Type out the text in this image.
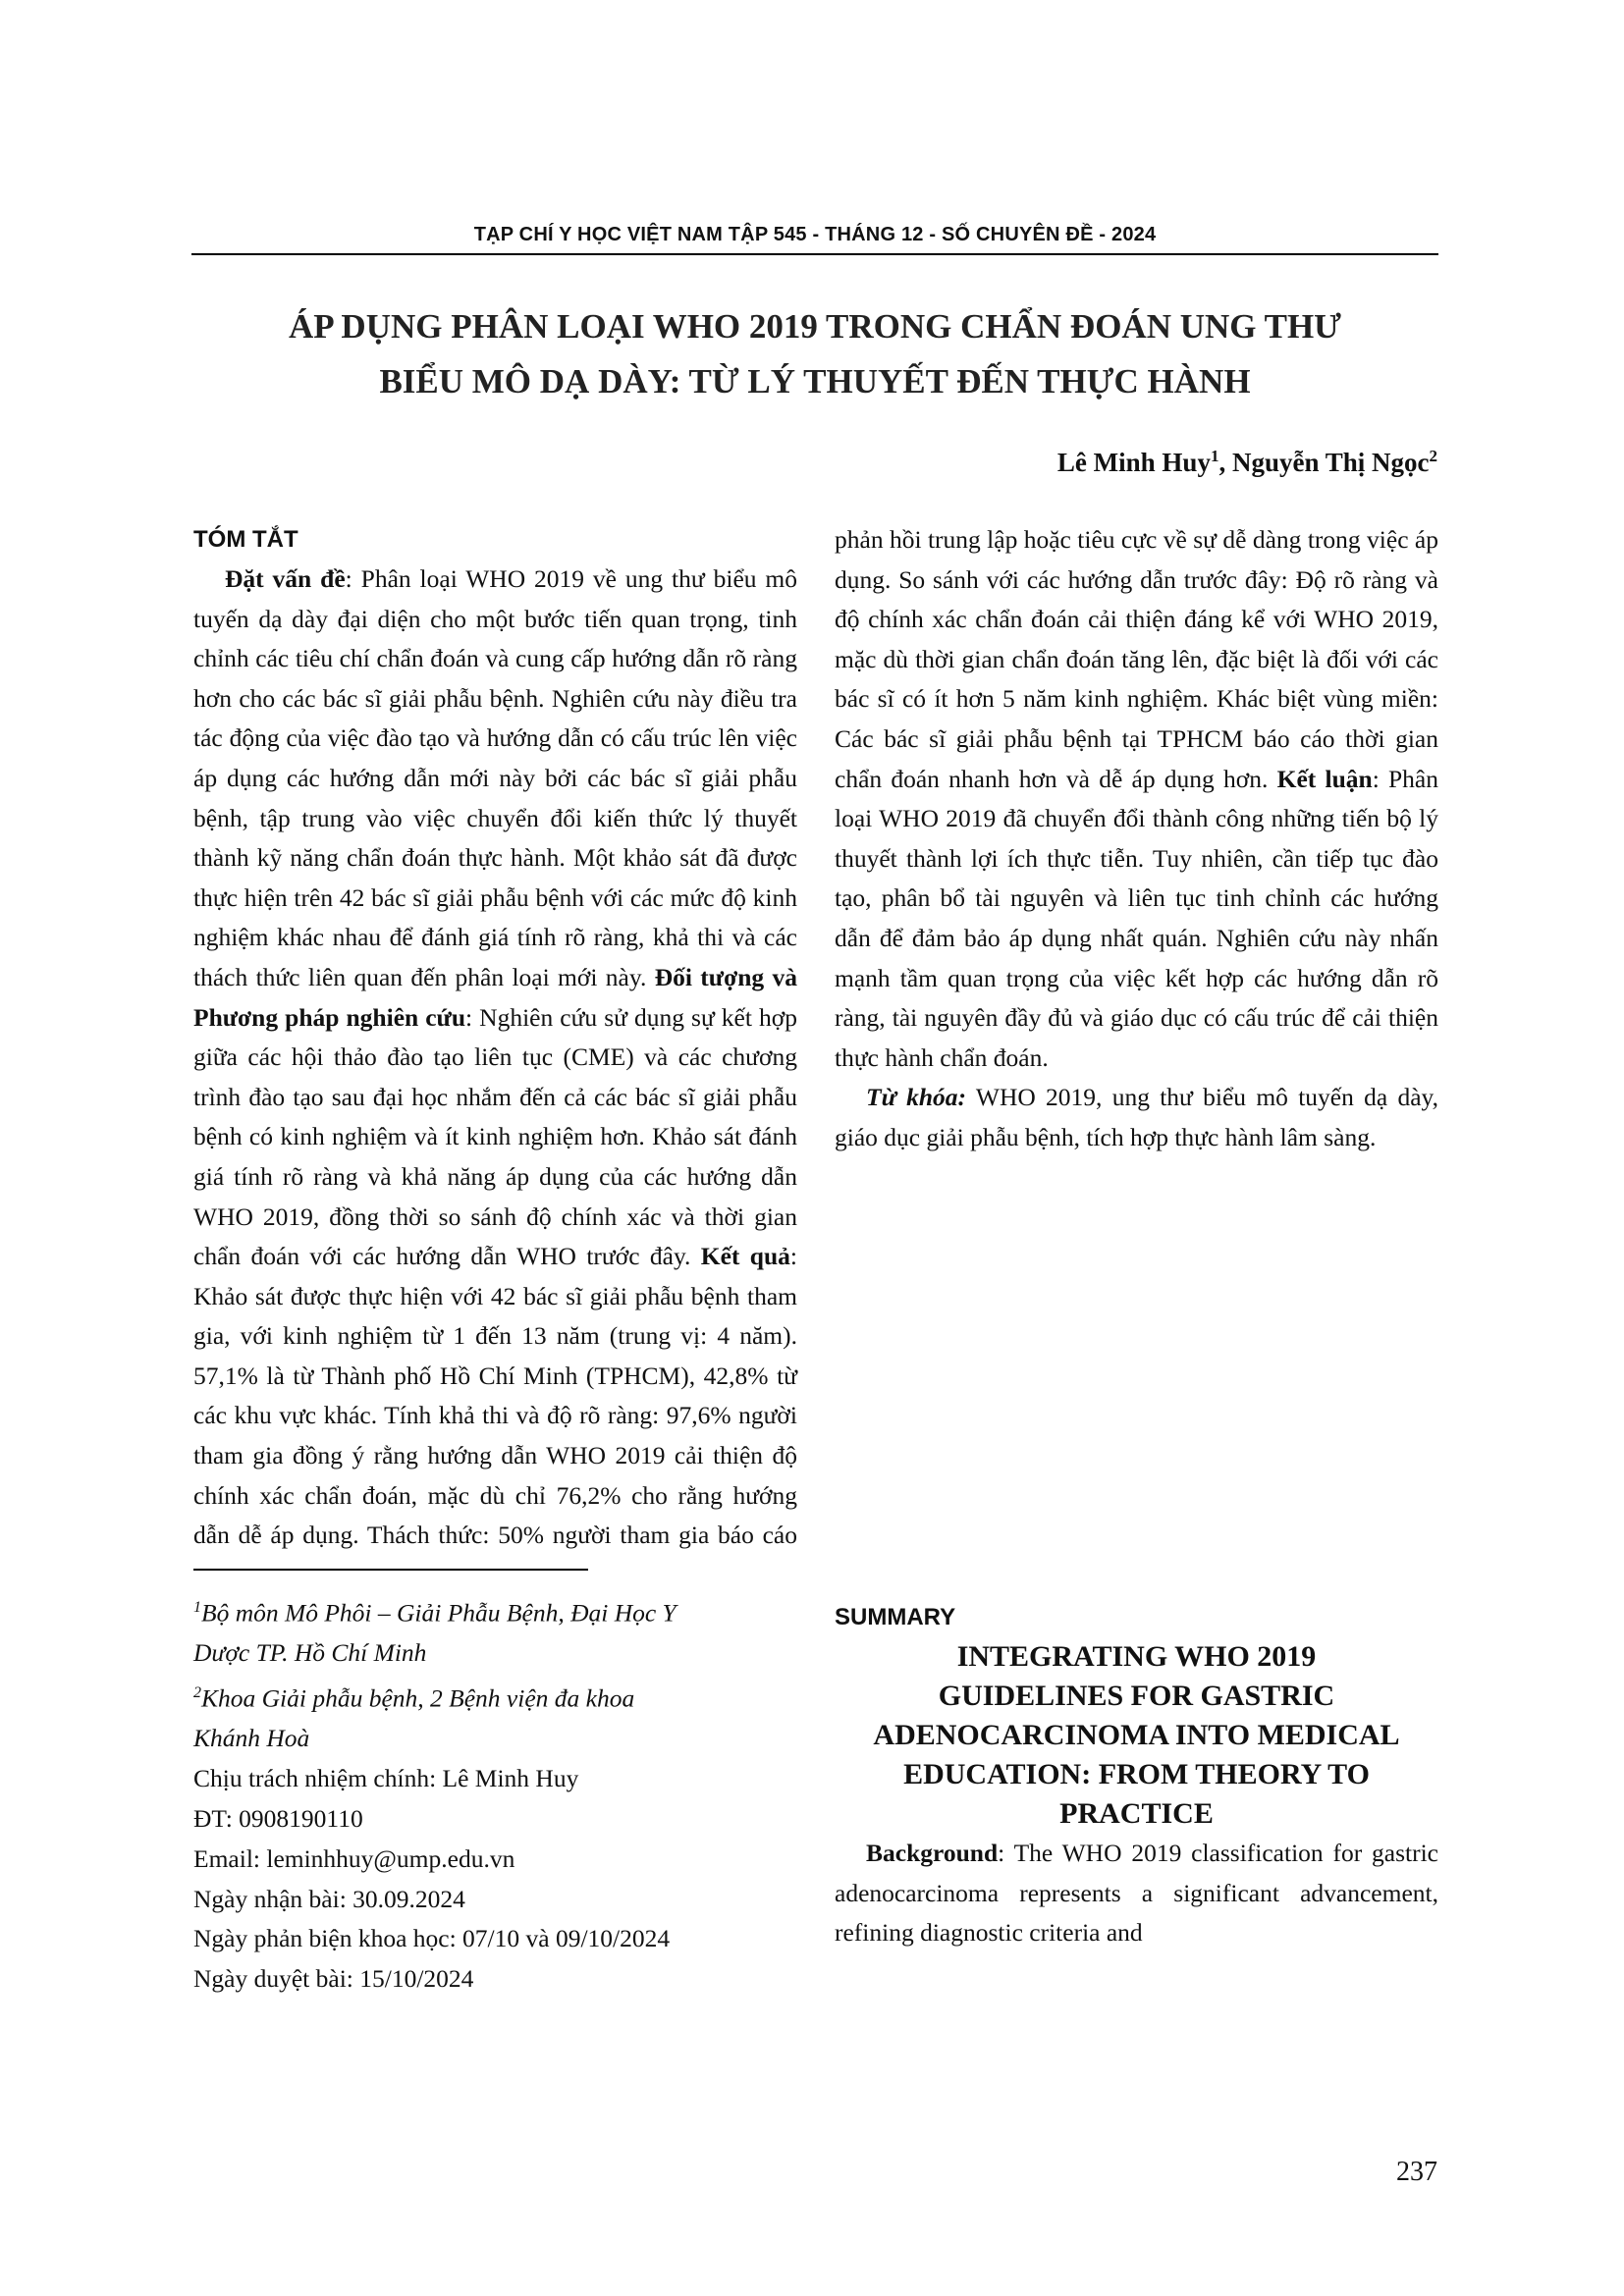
TẠP CHÍ Y HỌC VIỆT NAM TẬP 545 - THÁNG 12 - SỐ CHUYÊN ĐỀ - 2024
ÁP DỤNG PHÂN LOẠI WHO 2019 TRONG CHẨN ĐOÁN UNG THƯ
BIỂU MÔ DẠ DÀY: TỪ LÝ THUYẾT ĐẾN THỰC HÀNH
Lê Minh Huy$^1$, Nguyễn Thị Ngọc$^2$

TÓM TẮT

Đặt vấn đề: Phân loại WHO 2019 về ung thư biểu mô tuyến dạ dày đại diện cho một bước tiến quan trọng, tinh chỉnh các tiêu chí chẩn đoán và cung cấp hướng dẫn rõ ràng hơn cho các bác sĩ giải phẫu bệnh. Nghiên cứu này điều tra tác động của việc đào tạo và hướng dẫn có cấu trúc lên việc áp dụng các hướng dẫn mới này bởi các bác sĩ giải phẫu bệnh, tập trung vào việc chuyển đổi kiến thức lý thuyết thành kỹ năng chẩn đoán thực hành. Một khảo sát đã được thực hiện trên 42 bác sĩ giải phẫu bệnh với các mức độ kinh nghiệm khác nhau để đánh giá tính rõ ràng, khả thi và các thách thức liên quan đến phân loại mới này. Đối tượng và Phương pháp nghiên cứu: Nghiên cứu sử dụng sự kết hợp giữa các hội thảo đào tạo liên tục (CME) và các chương trình đào tạo sau đại học nhắm đến cả các bác sĩ giải phẫu bệnh có kinh nghiệm và ít kinh nghiệm hơn. Khảo sát đánh giá tính rõ ràng và khả năng áp dụng của các hướng dẫn WHO 2019, đồng thời so sánh độ chính xác và thời gian chẩn đoán với các hướng dẫn WHO trước đây. Kết quả: Khảo sát được thực hiện với 42 bác sĩ giải phẫu bệnh tham gia, với kinh nghiệm từ 1 đến 13 năm (trung vị: 4 năm). 57,1% là từ Thành phố Hồ Chí Minh (TPHCM), 42,8% từ các khu vực khác. Tính khả thi và độ rõ ràng: 97,6% người tham gia đồng ý rằng hướng dẫn WHO 2019 cải thiện độ chính xác chẩn đoán, mặc dù chỉ 76,2% cho rằng hướng dẫn dễ áp dụng. Thách thức: 50% người tham gia báo cáo phản hồi trung lập hoặc tiêu cực về sự dễ dàng trong việc áp dụng. So sánh với các hướng dẫn trước đây: Độ rõ ràng và độ chính xác chẩn đoán cải thiện đáng kể với WHO 2019, mặc dù thời gian chẩn đoán tăng lên, đặc biệt là đối với các bác sĩ có ít hơn 5 năm kinh nghiệm. Khác biệt vùng miền: Các bác sĩ giải phẫu bệnh tại TPHCM báo cáo thời gian chẩn đoán nhanh hơn và dễ áp dụng hơn. Kết luận: Phân loại WHO 2019 đã chuyển đổi thành công những tiến bộ lý thuyết thành lợi ích thực tiễn. Tuy nhiên, cần tiếp tục đào tạo, phân bổ tài nguyên và liên tục tinh chỉnh các hướng dẫn để đảm bảo áp dụng nhất quán. Nghiên cứu này nhấn mạnh tầm quan trọng của việc kết hợp các hướng dẫn rõ ràng, tài nguyên đầy đủ và giáo dục có cấu trúc để cải thiện thực hành chẩn đoán.

Từ khóa: WHO 2019, ung thư biểu mô tuyến dạ dày, giáo dục giải phẫu bệnh, tích hợp thực hành lâm sàng.

$^1$Bộ môn Mô Phôi – Giải Phẫu Bệnh, Đại Học Y
Dược TP. Hồ Chí Minh
$^2$Khoa Giải phẫu bệnh, 2 Bệnh viện đa khoa
Khánh Hoà
Chịu trách nhiệm chính: Lê Minh Huy
ĐT: 0908190110
Email: leminhhuy@ump.edu.vn
Ngày nhận bài: 30.09.2024
Ngày phản biện khoa học: 07/10 và 09/10/2024
Ngày duyệt bài: 15/10/2024

SUMMARY

INTEGRATING WHO 2019
GUIDELINES FOR GASTRIC
ADENOCARCINOMA INTO MEDICAL
EDUCATION: FROM THEORY TO
PRACTICE

Background: The WHO 2019 classification for gastric adenocarcinoma represents a significant advancement, refining diagnostic criteria and

237
